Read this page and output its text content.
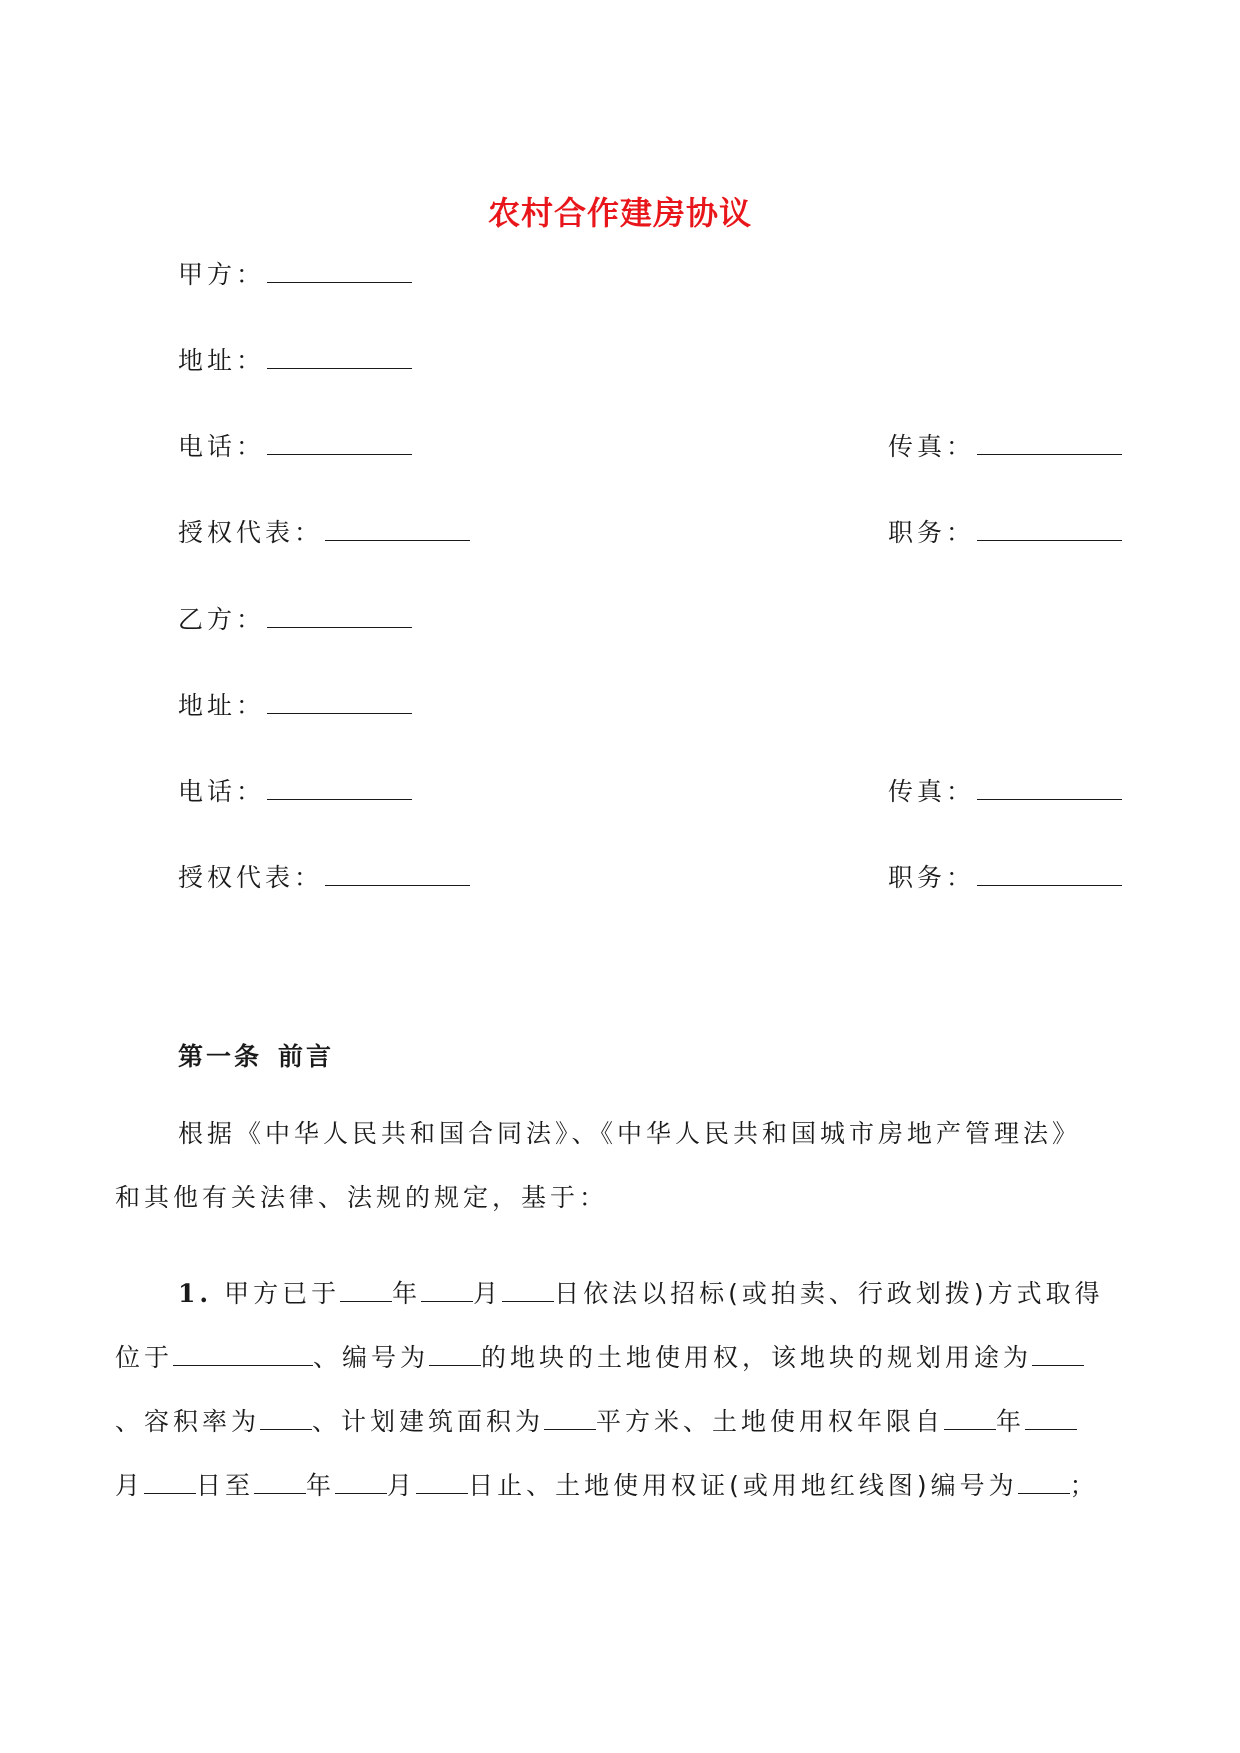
农村合作建房协议
甲方：
地址：
电话：	传真：
授权代表：	职务：
乙方：
地址：
电话：	传真：
授权代表：	职务：
第一条 前言

根据《中华人民共和国合同法》、《中华人民共和国城市房地产管理法》

和其他有关法律、法规的规定，基于：

1. 甲方已于 年 月 日依法以招标(或拍卖、行政划拨)方式取得

位于	、编号为 的地块的土地使用权，该地块的规划用途为

、容积率为 、计划建筑面积为 平方米、土地使用权年限自 年

月 日至 年 月 日止、土地使用权证(或用地红线图)编号为 ；
